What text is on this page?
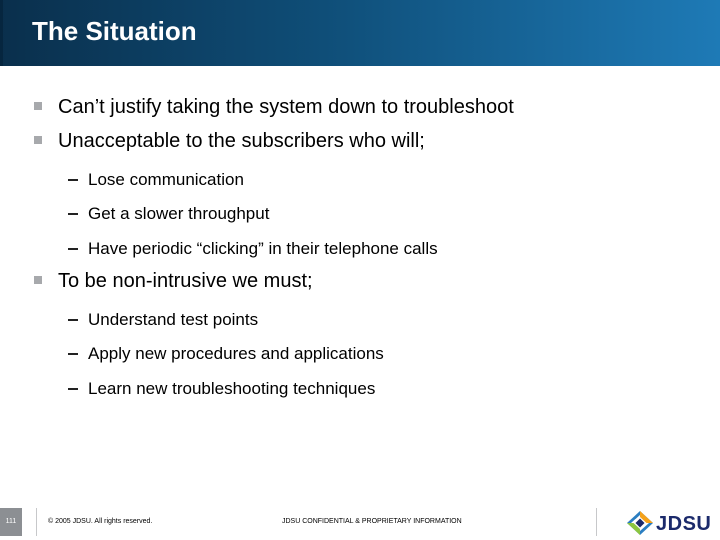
The Situation
Can’t justify taking the system down to troubleshoot
Unacceptable to the subscribers who will;
Lose communication
Get a slower throughput
Have periodic “clicking” in their telephone calls
To be non-intrusive we must;
Understand test points
Apply new procedures and applications
Learn new troubleshooting techniques
111	© 2005 JDSU. All rights reserved.	JDSU CONFIDENTIAL & PROPRIETARY INFORMATION	JDSU
